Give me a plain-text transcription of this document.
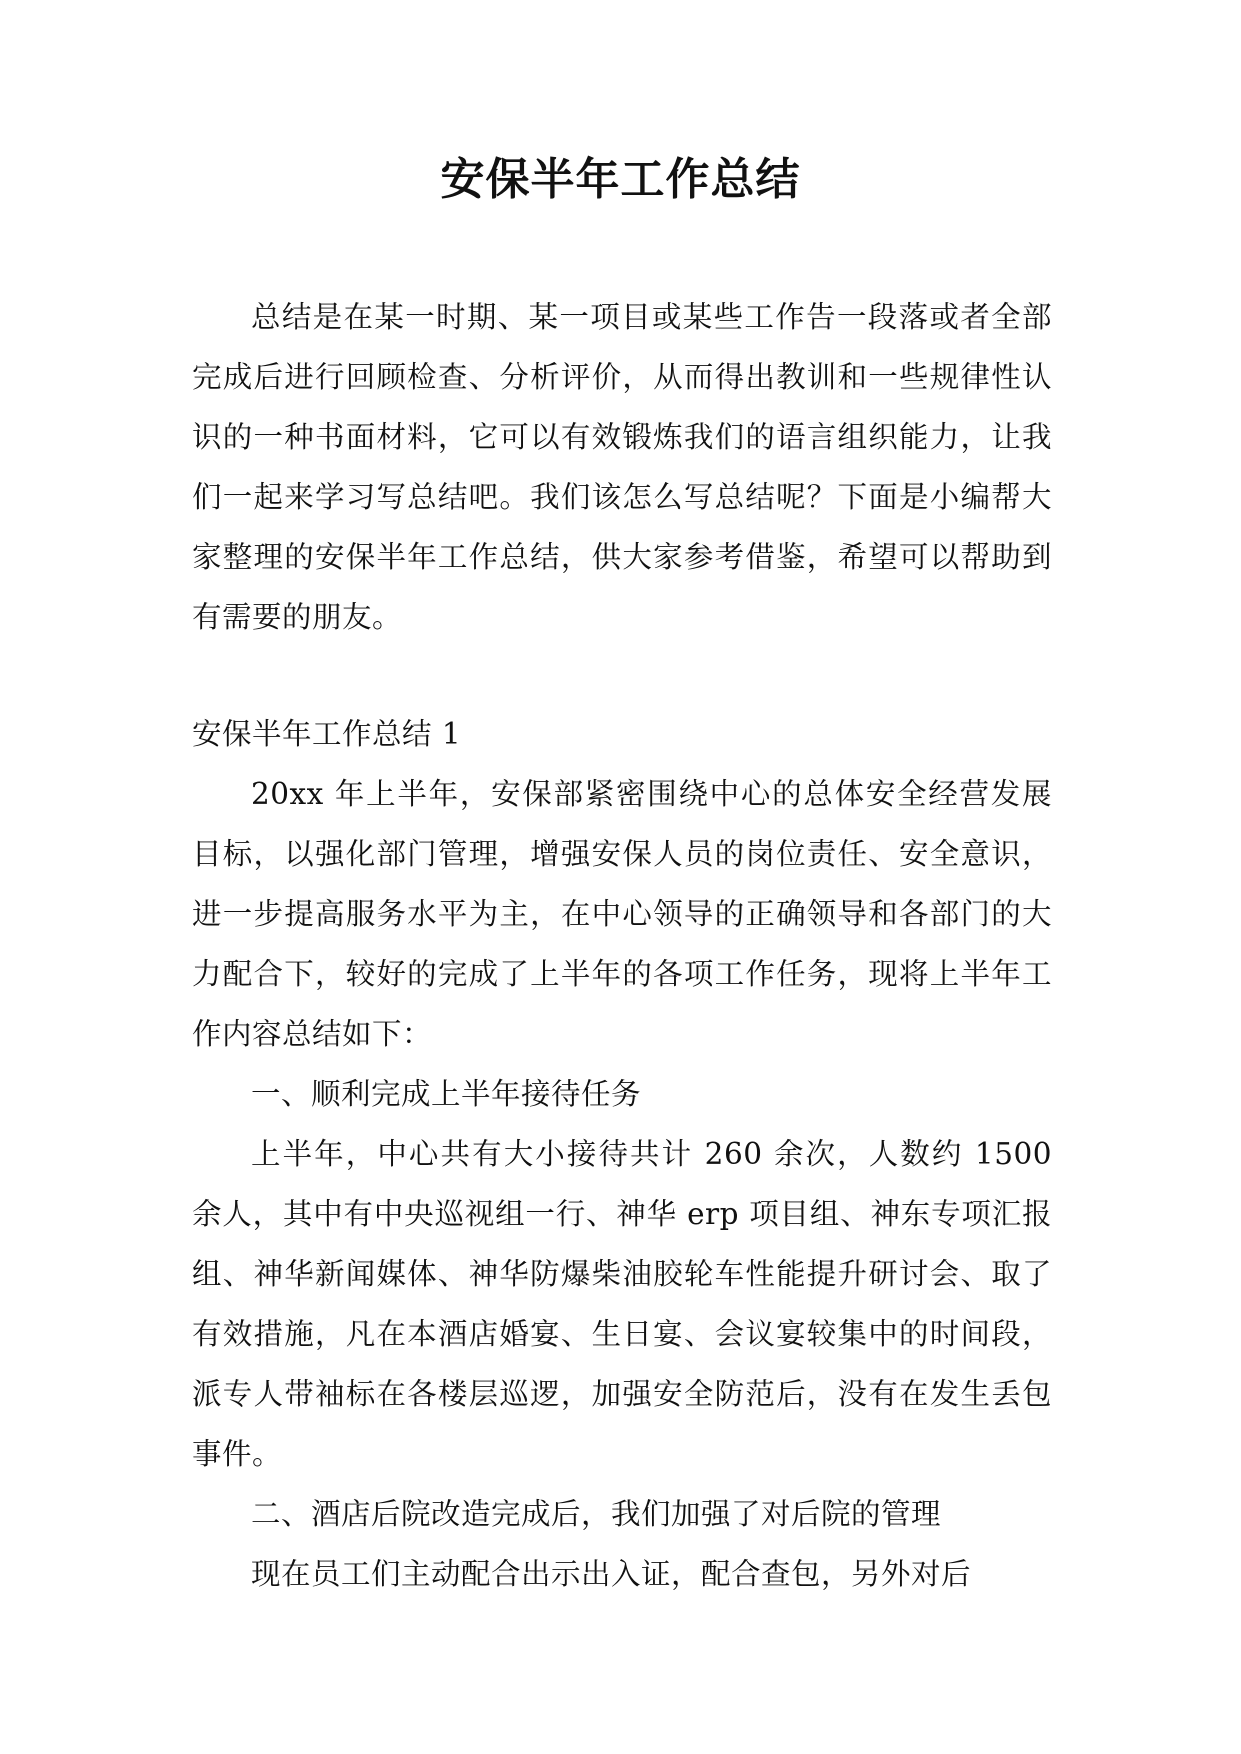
安保半年工作总结

总结是在某一时期、某一项目或某些工作告一段落或者全部完成后进行回顾检查、分析评价，从而得出教训和一些规律性认识的一种书面材料，它可以有效锻炼我们的语言组织能力，让我们一起来学习写总结吧。我们该怎么写总结呢？下面是小编帮大家整理的安保半年工作总结，供大家参考借鉴，希望可以帮助到有需要的朋友。

安保半年工作总结 1

20xx 年上半年，安保部紧密围绕中心的总体安全经营发展目标，以强化部门管理，增强安保人员的岗位责任、安全意识，进一步提高服务水平为主，在中心领导的正确领导和各部门的大力配合下，较好的完成了上半年的各项工作任务，现将上半年工作内容总结如下：

一、顺利完成上半年接待任务

上半年，中心共有大小接待共计 260 余次，人数约 1500 余人，其中有中央巡视组一行、神华 erp 项目组、神东专项汇报组、神华新闻媒体、神华防爆柴油胶轮车性能提升研讨会、取了有效措施，凡在本酒店婚宴、生日宴、会议宴较集中的时间段，派专人带袖标在各楼层巡逻，加强安全防范后，没有在发生丢包事件。

二、酒店后院改造完成后，我们加强了对后院的管理

现在员工们主动配合出示出入证，配合查包，另外对后
